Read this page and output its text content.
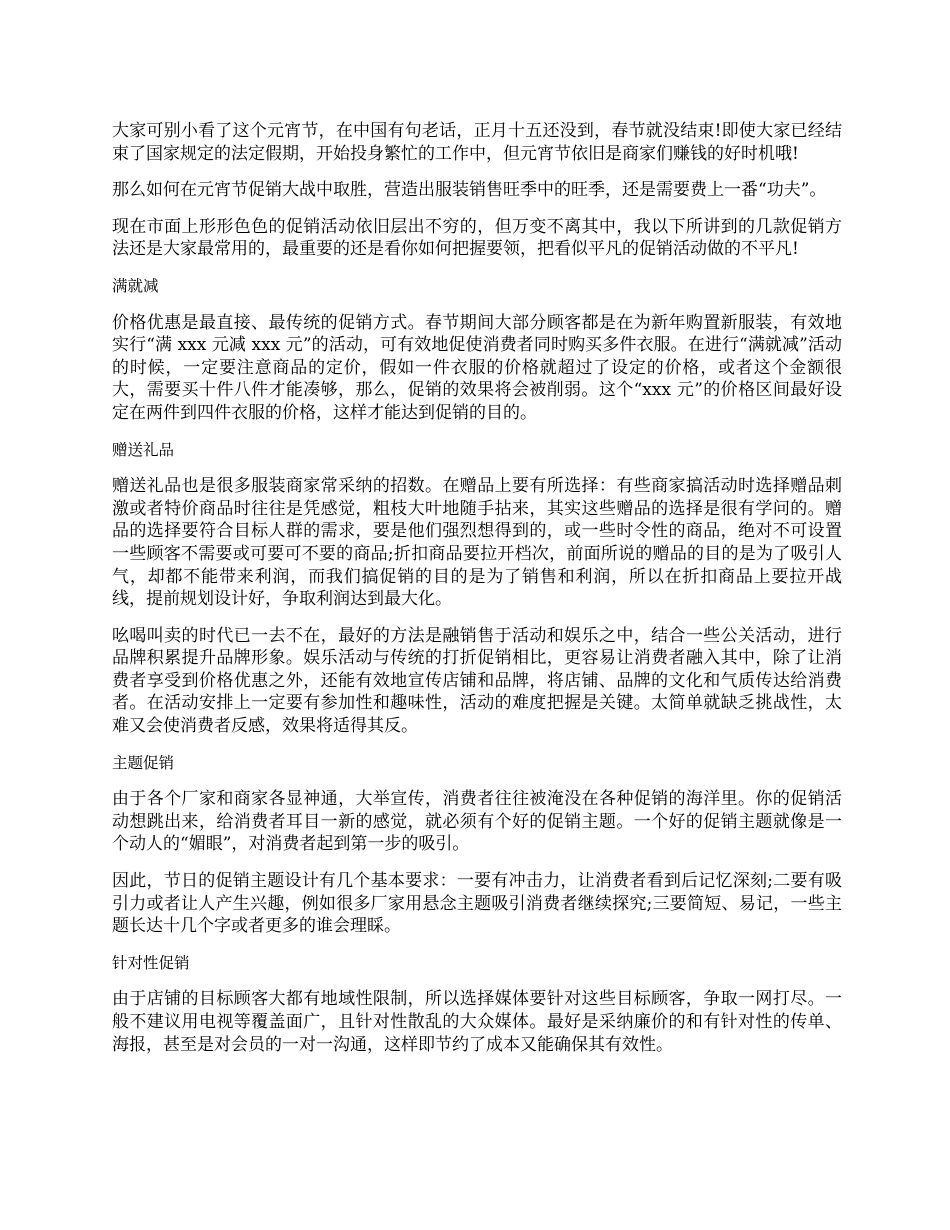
大家可别小看了这个元宵节，在中国有句老话，正月十五还没到，春节就没结束!即使大家已经结束了国家规定的法定假期，开始投身繁忙的工作中，但元宵节依旧是商家们赚钱的好时机哦!

那么如何在元宵节促销大战中取胜，营造出服装销售旺季中的旺季，还是需要费上一番“功夫”。

现在市面上形形色色的促销活动依旧层出不穷的，但万变不离其中，我以下所讲到的几款促销方法还是大家最常用的，最重要的还是看你如何把握要领，把看似平凡的促销活动做的不平凡!

满就减

价格优惠是最直接、最传统的促销方式。春节期间大部分顾客都是在为新年购置新服装，有效地实行“满 xxx 元减 xxx 元”的活动，可有效地促使消费者同时购买多件衣服。在进行“满就减”活动的时候，一定要注意商品的定价，假如一件衣服的价格就超过了设定的价格，或者这个金额很大，需要买十件八件才能凑够，那么，促销的效果将会被削弱。这个“xxx 元”的价格区间最好设定在两件到四件衣服的价格，这样才能达到促销的目的。

赠送礼品

赠送礼品也是很多服装商家常采纳的招数。在赠品上要有所选择：有些商家搞活动时选择赠品刺激或者特价商品时往往是凭感觉，粗枝大叶地随手拈来，其实这些赠品的选择是很有学问的。赠品的选择要符合目标人群的需求，要是他们强烈想得到的，或一些时令性的商品，绝对不可设置一些顾客不需要或可要可不要的商品;折扣商品要拉开档次，前面所说的赠品的目的是为了吸引人气，却都不能带来利润，而我们搞促销的目的是为了销售和利润，所以在折扣商品上要拉开战线，提前规划设计好，争取利润达到最大化。

吆喝叫卖的时代已一去不在，最好的方法是融销售于活动和娱乐之中，结合一些公关活动，进行品牌积累提升品牌形象。娱乐活动与传统的打折促销相比，更容易让消费者融入其中，除了让消费者享受到价格优惠之外，还能有效地宣传店铺和品牌，将店铺、品牌的文化和气质传达给消费者。在活动安排上一定要有参加性和趣味性，活动的难度把握是关键。太简单就缺乏挑战性，太难又会使消费者反感，效果将适得其反。

主题促销

由于各个厂家和商家各显神通，大举宣传，消费者往往被淹没在各种促销的海洋里。你的促销活动想跳出来，给消费者耳目一新的感觉，就必须有个好的促销主题。一个好的促销主题就像是一个动人的“媚眼”，对消费者起到第一步的吸引。

因此，节日的促销主题设计有几个基本要求：一要有冲击力，让消费者看到后记忆深刻;二要有吸引力或者让人产生兴趣，例如很多厂家用悬念主题吸引消费者继续探究;三要简短、易记，一些主题长达十几个字或者更多的谁会理睬。

针对性促销

由于店铺的目标顾客大都有地域性限制，所以选择媒体要针对这些目标顾客，争取一网打尽。一般不建议用电视等覆盖面广，且针对性散乱的大众媒体。最好是采纳廉价的和有针对性的传单、海报，甚至是对会员的一对一沟通，这样即节约了成本又能确保其有效性。
